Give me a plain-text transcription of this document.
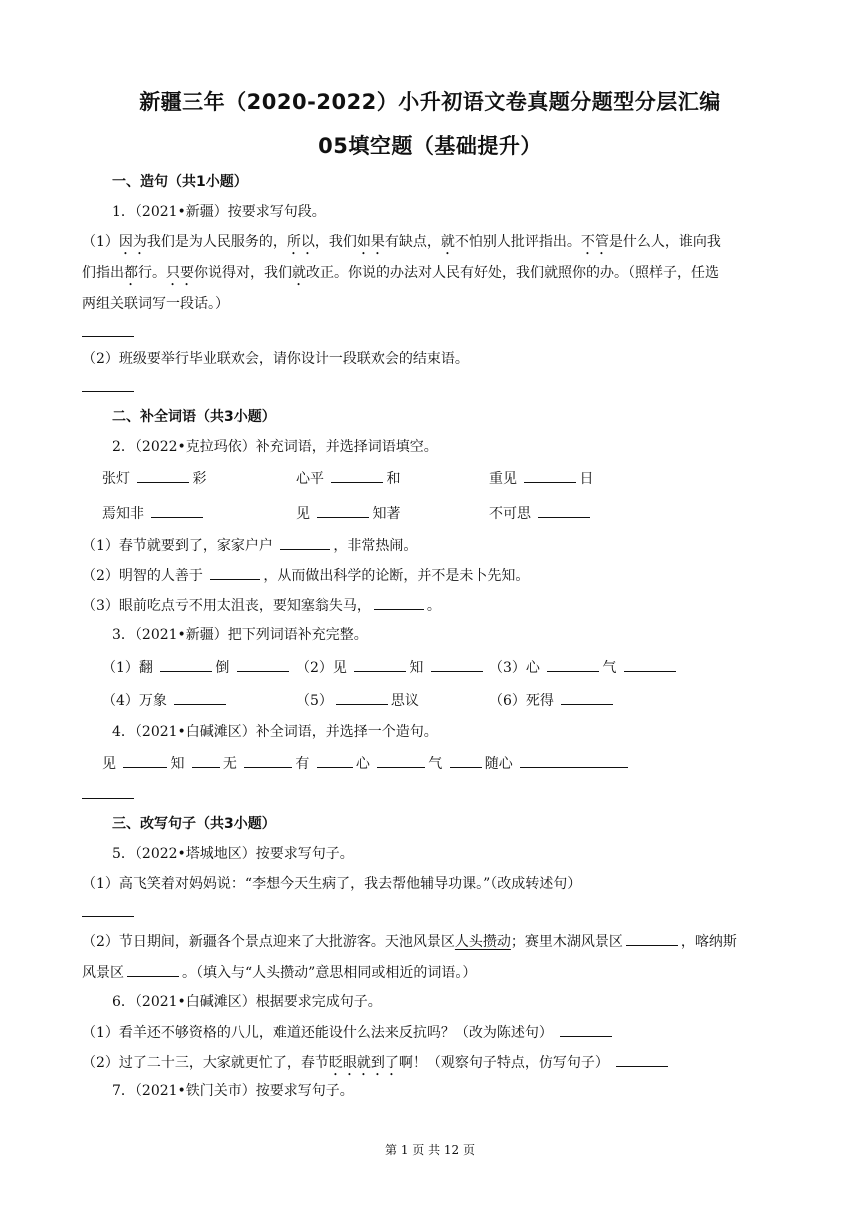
新疆三年（2020-2022）小升初语文卷真题分题型分层汇编
05填空题（基础提升）
一、造句（共1小题）
1．（2021•新疆）按要求写句段。
（1）因为我们是为人民服务的，所以，我们如果有缺点，就不怕别人批评指出。不管是什么人，谁向我
们指出都行。只要你说得对，我们就改正。你说的办法对人民有好处，我们就照你的办。（照样子，任选
两组关联词写一段话。）
（2）班级要举行毕业联欢会，请你设计一段联欢会的结束语。
二、补全词语（共3小题）
2．（2022•克拉玛依）补充词语，并选择词语填空。
张灯	彩	心平	和	重见	日
焉知非	见	知著	不可思
（1）春节就要到了，家家户户	，非常热闹。
（2）明智的人善于	，从而做出科学的论断，并不是未卜先知。
（3）眼前吃点亏不用太沮丧，要知塞翁失马，	。
3．（2021•新疆）把下列词语补充完整。
（1）翻	倒	（2）见	知	（3）心	气
（4）万象	（5）	思议	（6）死得
4．（2021•白碱滩区）补全词语，并选择一个造句。
见	知	无	有	心	气	随心
三、改写句子（共3小题）
5．（2022•塔城地区）按要求写句子。
（1）高飞笑着对妈妈说：“李想今天生病了，我去帮他辅导功课。”（改成转述句）
（2）节日期间，新疆各个景点迎来了大批游客。天池风景区人头攒动；赛里木湖风景区	，喀纳斯
风景区	。（填入与“人头攒动”意思相同或相近的词语。）
6．（2021•白碱滩区）根据要求完成句子。
（1）看羊还不够资格的八儿，难道还能设什么法来反抗吗？（改为陈述句）
（2）过了二十三，大家就更忙了，春节眨眼就到了啊！（观察句子特点，仿写句子）
7．（2021•铁门关市）按要求写句子。
第 1 页 共 12 页
